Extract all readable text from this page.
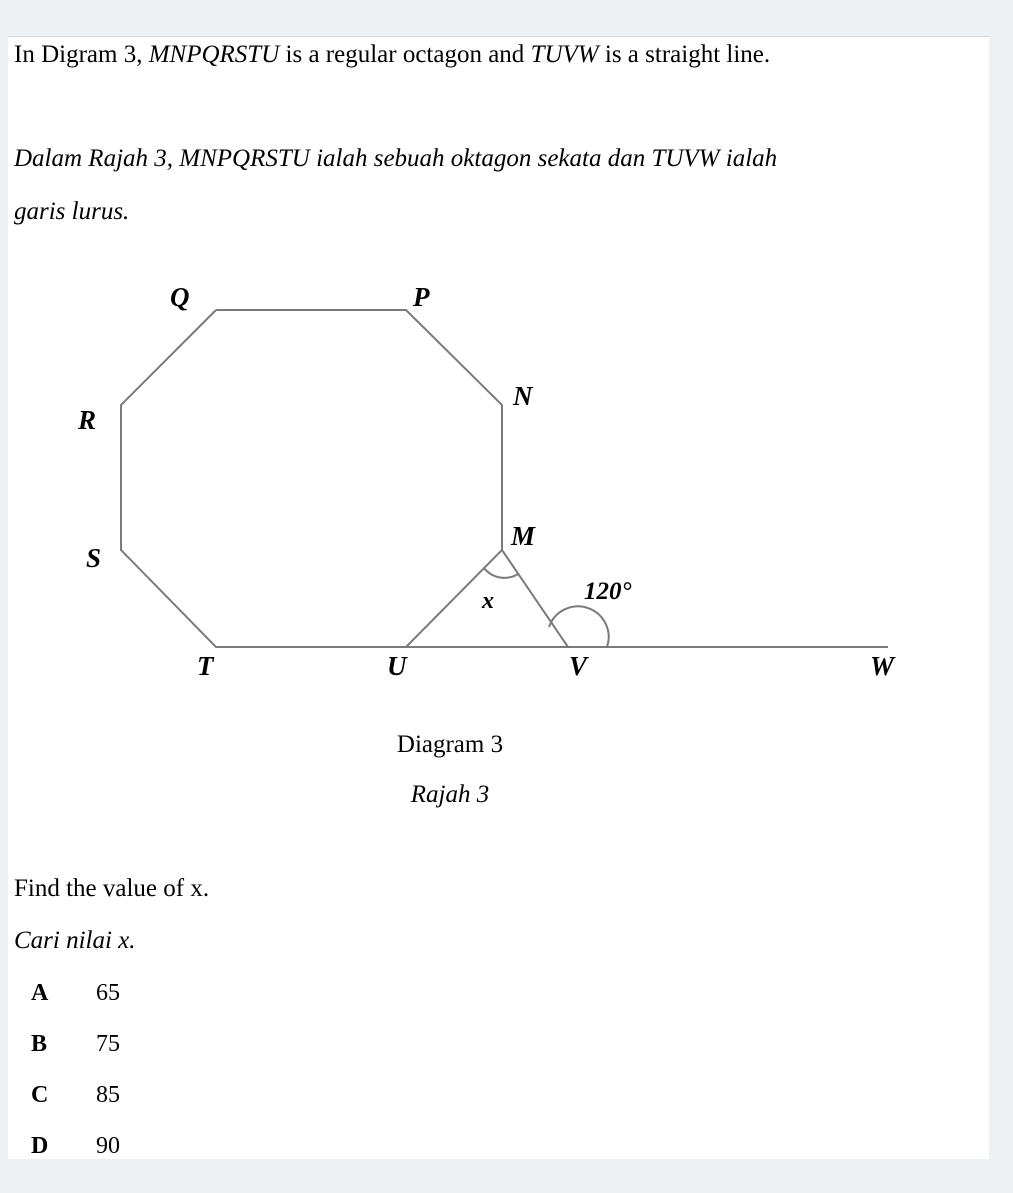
In Digram 3, MNPQRSTU is a regular octagon and TUVW is a straight line.
Dalam Rajah 3, MNPQRSTU ialah sebuah oktagon sekata dan TUVW ialah
garis lurus.
Q	P
N
R
M
S
T	U	V	W
x	120°
Diagram 3
Rajah 3
Find the value of x.
Cari nilai x.
A 65
B 75
C 85
D 90
